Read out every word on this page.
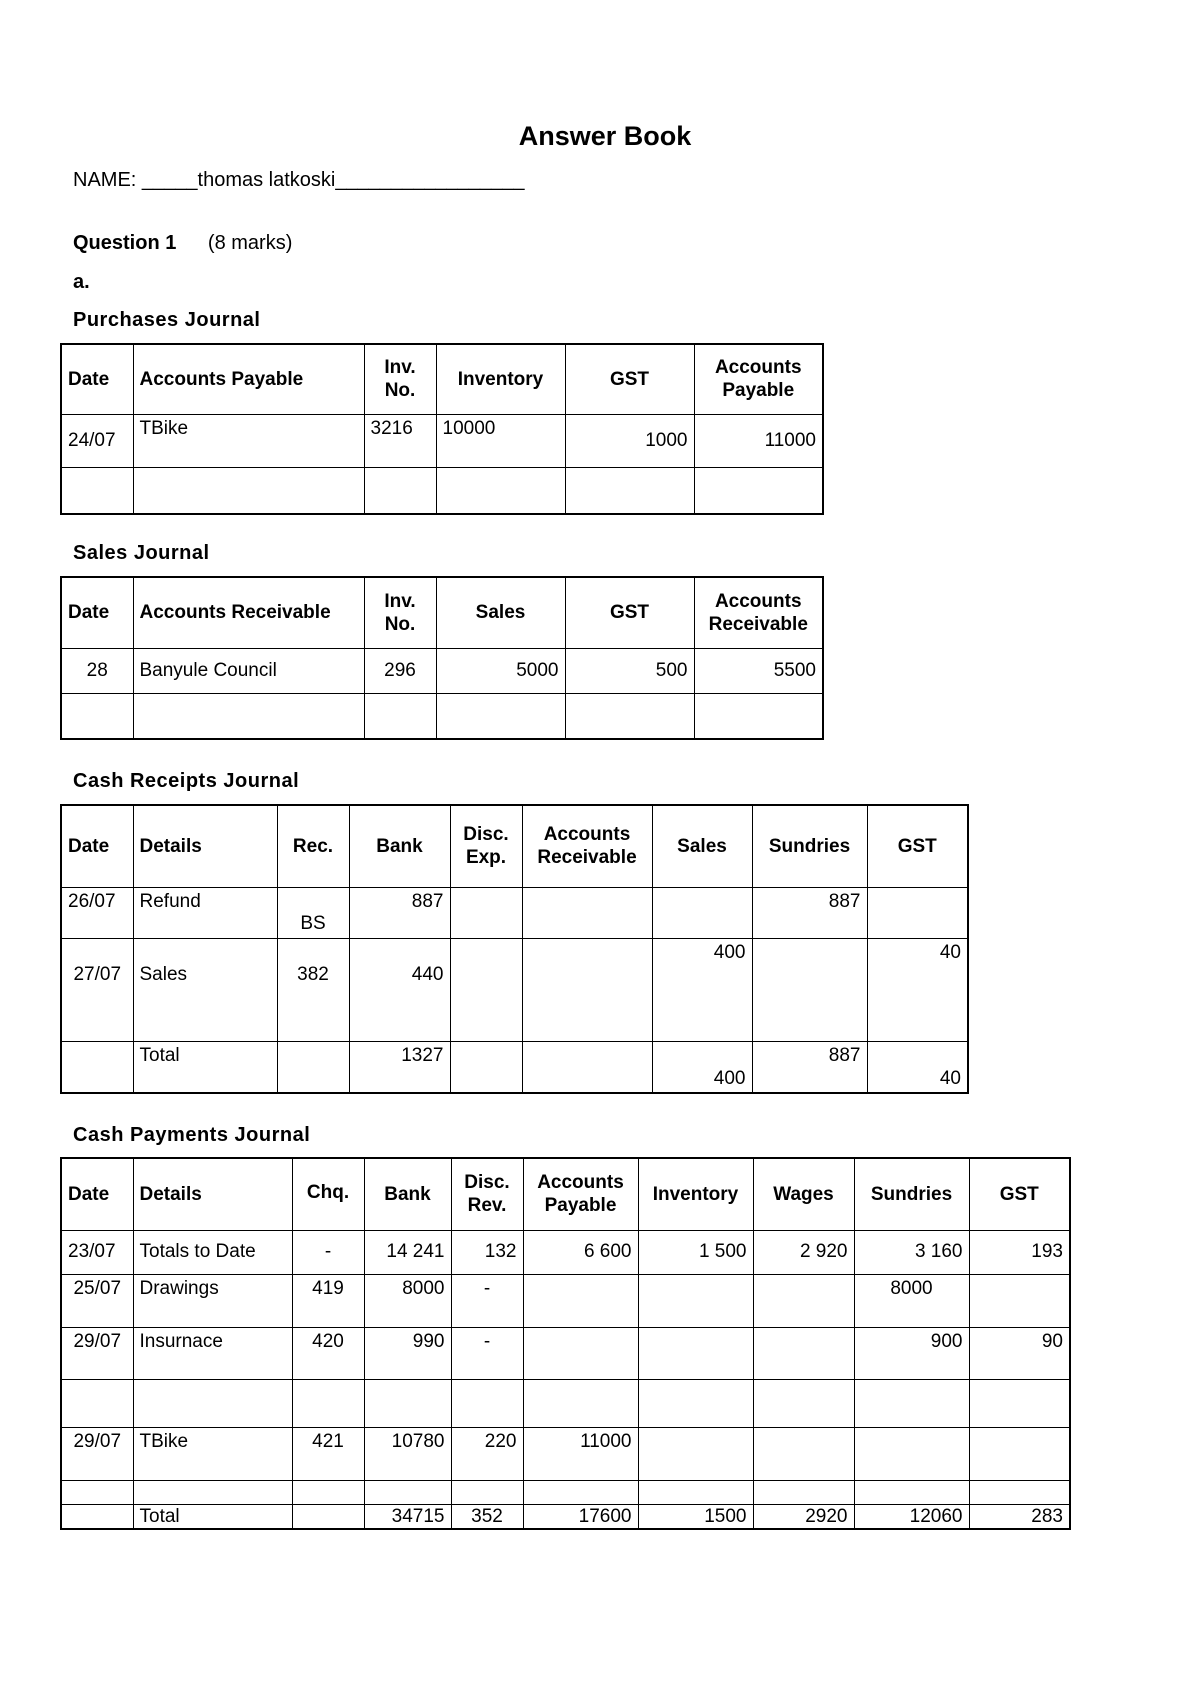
Answer Book
NAME: _____thomas latkoski_________________
Question 1 (8 marks)
a.
Purchases Journal
Date	Accounts Payable	Inv. No.	Inventory	GST	Accounts Payable
24/07	TBike	3216	10000	1000	11000

Sales Journal
Date	Accounts Receivable	Inv. No.	Sales	GST	Accounts Receivable
28	Banyule Council	296	5000	500	5500

Cash Receipts Journal
Date	Details	Rec.	Bank	Disc. Exp.	Accounts Receivable	Sales	Sundries	GST
26/07	Refund	BS	887				887	
27/07	Sales	382	440			400		40
	Total		1327			400	887	40
Cash Payments Journal
Date	Details	Chq.	Bank	Disc. Rev.	Accounts Payable	Inventory	Wages	Sundries	GST
23/07	Totals to Date	-	14 241	132	6 600	1 500	2 920	3 160	193
25/07	Drawings	419	8000	-				8000	
29/07	Insurnace	420	990	-				900	90

29/07	TBike	421	10780	220	11000				

	Total		34715	352	17600	1500	2920	12060	283
